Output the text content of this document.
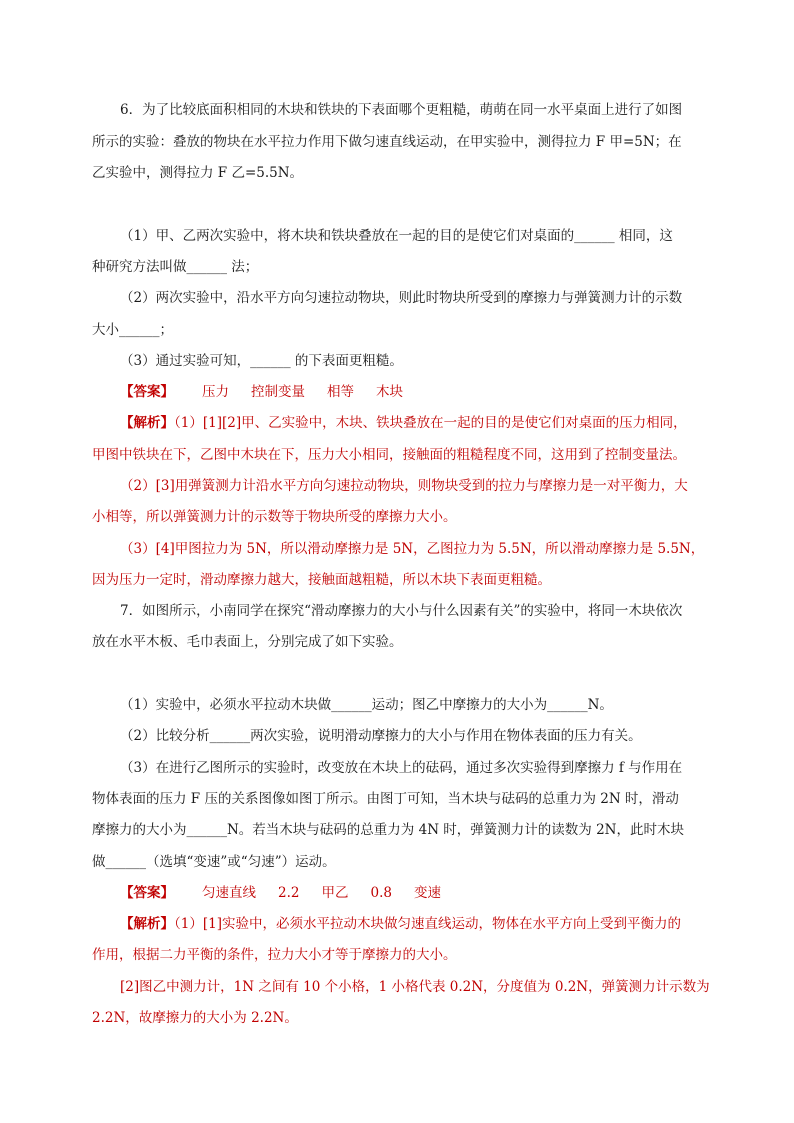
6．为了比较底面积相同的木块和铁块的下表面哪个更粗糙，萌萌在同一水平桌面上进行了如图
所示的实验：叠放的物块在水平拉力作用下做匀速直线运动，在甲实验中，测得拉力 F 甲=5N；在
乙实验中，测得拉力 F 乙=5.5N。
（1）甲、乙两次实验中，将木块和铁块叠放在一起的目的是使它们对桌面的______ 相同，这
种研究方法叫做______ 法；
（2）两次实验中，沿水平方向匀速拉动物块，则此时物块所受到的摩擦力与弹簧测力计的示数
大小______；
（3）通过实验可知，______ 的下表面更粗糙。
【答案】 压力 控制变量 相等 木块
【解析】（1）[1][2]甲、乙实验中，木块、铁块叠放在一起的目的是使它们对桌面的压力相同，
甲图中铁块在下，乙图中木块在下，压力大小相同，接触面的粗糙程度不同，这用到了控制变量法。
（2）[3]用弹簧测力计沿水平方向匀速拉动物块，则物块受到的拉力与摩擦力是一对平衡力，大
小相等，所以弹簧测力计的示数等于物块所受的摩擦力大小。
（3）[4]甲图拉力为 5N，所以滑动摩擦力是 5N，乙图拉力为 5.5N，所以滑动摩擦力是 5.5N，
因为压力一定时，滑动摩擦力越大，接触面越粗糙，所以木块下表面更粗糙。
7．如图所示，小南同学在探究“滑动摩擦力的大小与什么因素有关”的实验中，将同一木块依次
放在水平木板、毛巾表面上，分别完成了如下实验。
（1）实验中，必须水平拉动木块做______运动；图乙中摩擦力的大小为______N。
（2）比较分析______两次实验，说明滑动摩擦力的大小与作用在物体表面的压力有关。
（3）在进行乙图所示的实验时，改变放在木块上的砝码，通过多次实验得到摩擦力 f 与作用在
物体表面的压力 F 压的关系图像如图丁所示。由图丁可知，当木块与砝码的总重力为 2N 时，滑动
摩擦力的大小为______N。若当木块与砝码的总重力为 4N 时，弹簧测力计的读数为 2N，此时木块
做______（选填“变速”或“匀速”）运动。
【答案】 匀速直线 2.2 甲乙 0.8 变速
【解析】（1）[1]实验中，必须水平拉动木块做匀速直线运动，物体在水平方向上受到平衡力的
作用，根据二力平衡的条件，拉力大小才等于摩擦力的大小。
[2]图乙中测力计，1N 之间有 10 个小格，1 小格代表 0.2N，分度值为 0.2N，弹簧测力计示数为
2.2N，故摩擦力的大小为 2.2N。
